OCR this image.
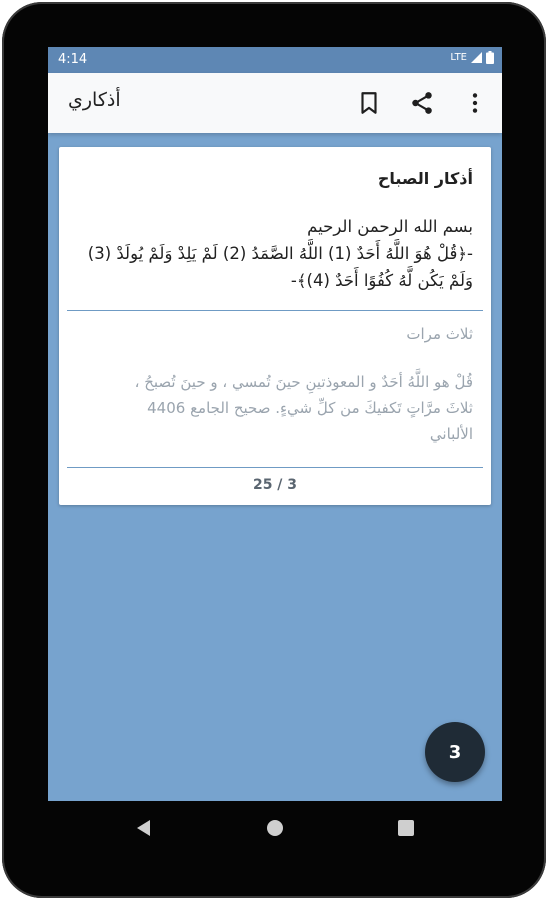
4:14	LTE
أذكاري
أذكار الصباح
بسم الله الرحمن الرحيم
-﴿قُلْ هُوَ اللَّهُ أَحَدٌ (1) اللَّهُ الصَّمَدُ (2) لَمْ يَلِدْ وَلَمْ يُولَدْ (3)
وَلَمْ يَكُن لَّهُ كُفُوًا أَحَدٌ (4)﴾-
ثلاث مرات
قُلْ هو اللَّهُ أحَدٌ و المعوذتينِ حينَ تُمسي ، و حينَ تُصبحُ ،
ثلاثَ مرَّاتٍ تَكفيكَ من كلِّ شيءٍ. صحيح الجامع 4406
الألباني
25 / 3
3
